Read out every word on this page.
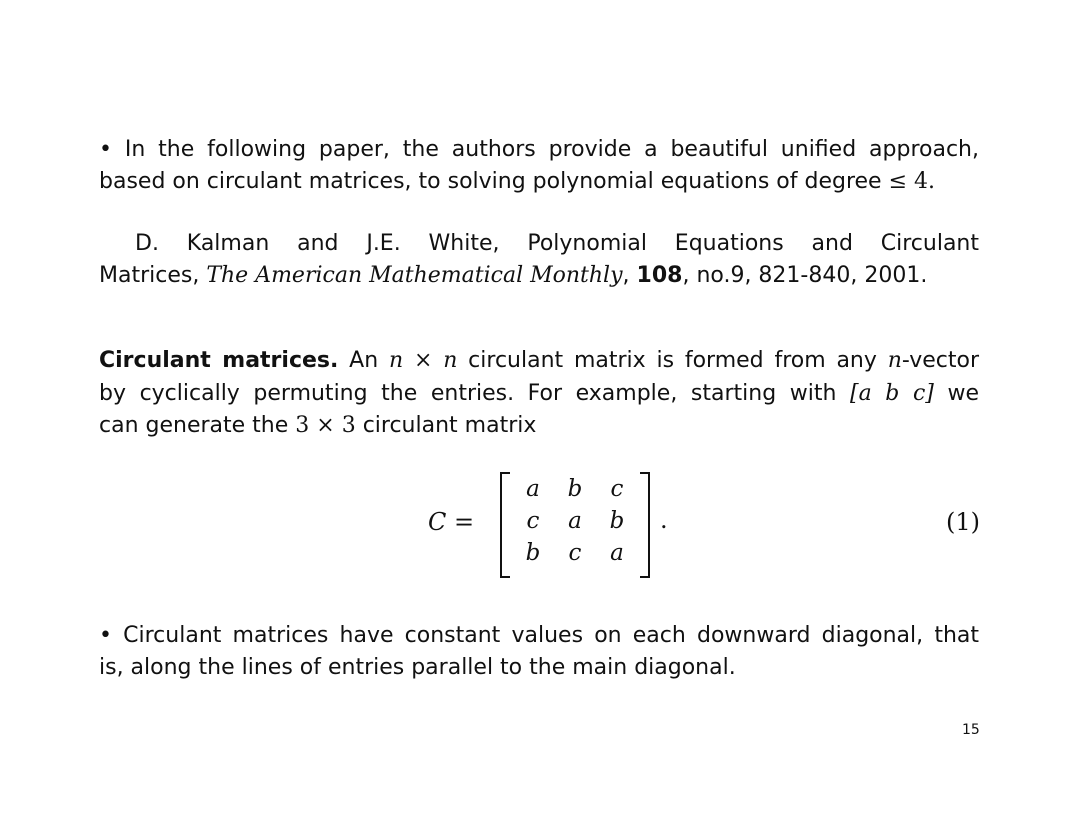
• In the following paper, the authors provide a beautiful unified approach,
based on circulant matrices, to solving polynomial equations of degree ≤ 4.
D. Kalman and J.E. White, Polynomial Equations and Circulant
Matrices, The American Mathematical Monthly, 108, no.9, 821-840, 2001.
Circulant matrices. An n × n circulant matrix is formed from any n-vector
by cyclically permuting the entries. For example, starting with [a b c] we
can generate the 3 × 3 circulant matrix
C =
a	b	c
c	a	b
b	c	a
.	(1)
• Circulant matrices have constant values on each downward diagonal, that
is, along the lines of entries parallel to the main diagonal.
15
